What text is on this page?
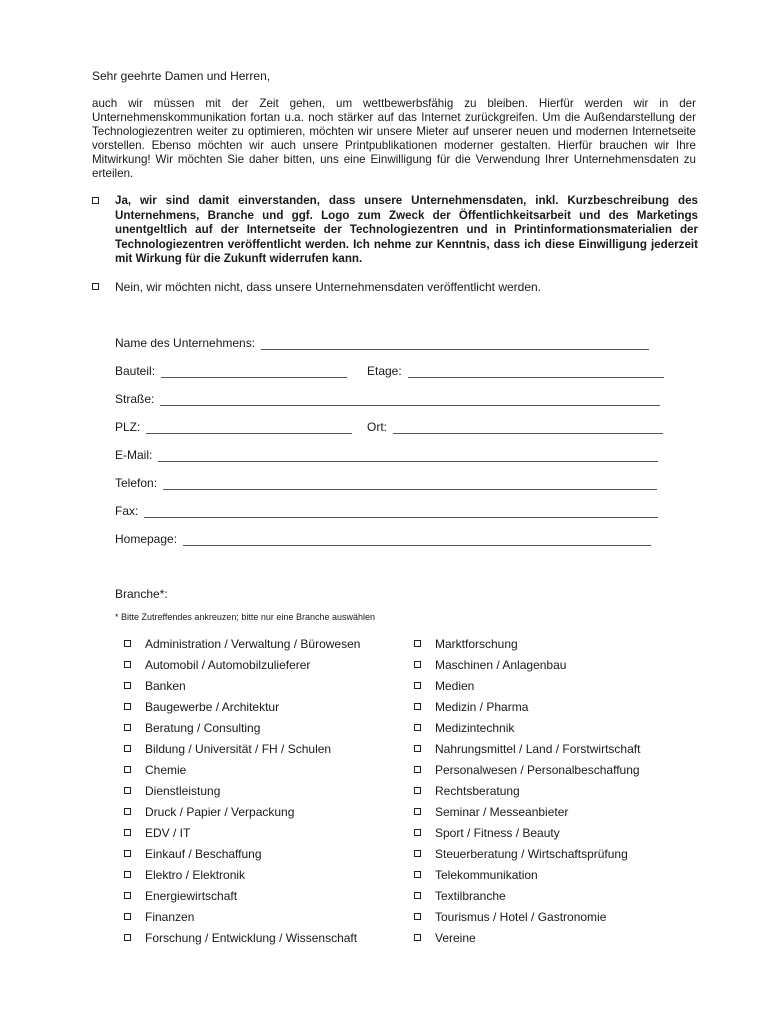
Sehr geehrte Damen und Herren,
auch wir müssen mit der Zeit gehen, um wettbewerbsfähig zu bleiben. Hierfür werden wir in der Unternehmenskommunikation fortan u.a. noch stärker auf das Internet zurückgreifen. Um die Außendarstellung der Technologiezentren weiter zu optimieren, möchten wir unsere Mieter auf unserer neuen und modernen Internetseite vorstellen. Ebenso möchten wir auch unsere Printpublikationen moderner gestalten. Hierfür brauchen wir Ihre Mitwirkung! Wir möchten Sie daher bitten, uns eine Einwilligung für die Verwendung Ihrer Unternehmensdaten zu erteilen.
Ja, wir sind damit einverstanden, dass unsere Unternehmensdaten, inkl. Kurzbeschreibung des Unternehmens, Branche und ggf. Logo zum Zweck der Öffentlichkeitsarbeit und des Marketings unentgeltlich auf der Internetseite der Technologiezentren und in Printinformationsmaterialien der Technologiezentren veröffentlicht werden. Ich nehme zur Kenntnis, dass ich diese Einwilligung jederzeit mit Wirkung für die Zukunft widerrufen kann.
Nein, wir möchten nicht, dass unsere Unternehmensdaten veröffentlicht werden.
Name des Unternehmens:
Bauteil:	Etage:
Straße:
PLZ:	Ort:
E-Mail:
Telefon:
Fax:
Homepage:
Branche*:
* Bitte Zutreffendes ankreuzen; bitte nur eine Branche auswählen
Administration / Verwaltung / Bürowesen
Automobil / Automobilzulieferer
Banken
Baugewerbe / Architektur
Beratung / Consulting
Bildung / Universität / FH / Schulen
Chemie
Dienstleistung
Druck / Papier / Verpackung
EDV / IT
Einkauf / Beschaffung
Elektro / Elektronik
Energiewirtschaft
Finanzen
Forschung / Entwicklung / Wissenschaft
Marktforschung
Maschinen / Anlagenbau
Medien
Medizin / Pharma
Medizintechnik
Nahrungsmittel / Land / Forstwirtschaft
Personalwesen / Personalbeschaffung
Rechtsberatung
Seminar / Messeanbieter
Sport / Fitness / Beauty
Steuerberatung / Wirtschaftsprüfung
Telekommunikation
Textilbranche
Tourismus / Hotel / Gastronomie
Vereine
